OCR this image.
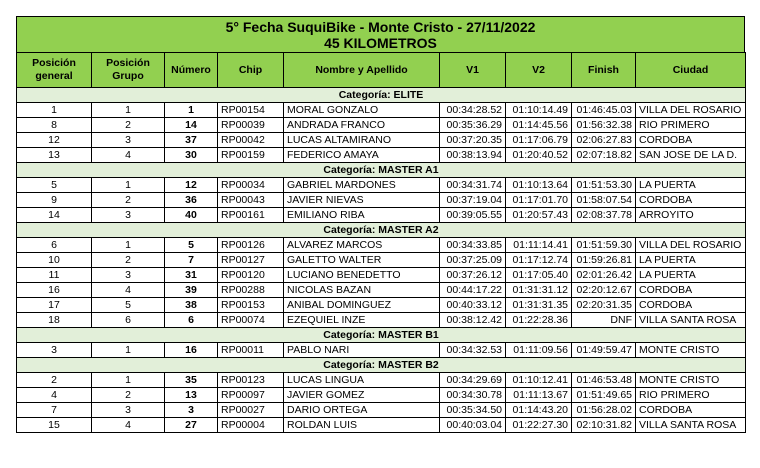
5° Fecha SuquiBike - Monte Cristo - 27/11/2022
45 KILOMETROS
Posición general	Posición Grupo	Número	Chip	Nombre y Apellido	V1	V2	Finish	Ciudad
Categoría: ELITE								
1	1	1	RP00154	MORAL GONZALO	00:34:28.52	01:10:14.49	01:46:45.03	VILLA DEL ROSARIO
8	2	14	RP00039	ANDRADA FRANCO	00:35:36.29	01:14:45.56	01:56:32.38	RIO PRIMERO
12	3	37	RP00042	LUCAS ALTAMIRANO	00:37:20.35	01:17:06.79	02:06:27.83	CORDOBA
13	4	30	RP00159	FEDERICO AMAYA	00:38:13.94	01:20:40.52	02:07:18.82	SAN JOSE DE LA D.
Categoría: MASTER A1								
5	1	12	RP00034	GABRIEL MARDONES	00:34:31.74	01:10:13.64	01:51:53.30	LA PUERTA
9	2	36	RP00043	JAVIER NIEVAS	00:37:19.04	01:17:01.70	01:58:07.54	CORDOBA
14	3	40	RP00161	EMILIANO RIBA	00:39:05.55	01:20:57.43	02:08:37.78	ARROYITO
Categoría: MASTER A2								
6	1	5	RP00126	ALVAREZ MARCOS	00:34:33.85	01:11:14.41	01:51:59.30	VILLA DEL ROSARIO
10	2	7	RP00127	GALETTO WALTER	00:37:25.09	01:17:12.74	01:59:26.81	LA PUERTA
11	3	31	RP00120	LUCIANO BENEDETTO	00:37:26.12	01:17:05.40	02:01:26.42	LA PUERTA
16	4	39	RP00288	NICOLAS BAZAN	00:44:17.22	01:31:31.12	02:20:12.67	CORDOBA
17	5	38	RP00153	ANIBAL DOMINGUEZ	00:40:33.12	01:31:31.35	02:20:31.35	CORDOBA
18	6	6	RP00074	EZEQUIEL INZE	00:38:12.42	01:22:28.36	DNF	VILLA SANTA ROSA
Categoría: MASTER B1								
3	1	16	RP00011	PABLO NARI	00:34:32.53	01:11:09.56	01:49:59.47	MONTE CRISTO
Categoría: MASTER B2								
2	1	35	RP00123	LUCAS LINGUA	00:34:29.69	01:10:12.41	01:46:53.48	MONTE CRISTO
4	2	13	RP00097	JAVIER GOMEZ	00:34:30.78	01:11:13.67	01:51:49.65	RIO PRIMERO
7	3	3	RP00027	DARIO ORTEGA	00:35:34.50	01:14:43.20	01:56:28.02	CORDOBA
15	4	27	RP00004	ROLDAN LUIS	00:40:03.04	01:22:27.30	02:10:31.82	VILLA SANTA ROSA
